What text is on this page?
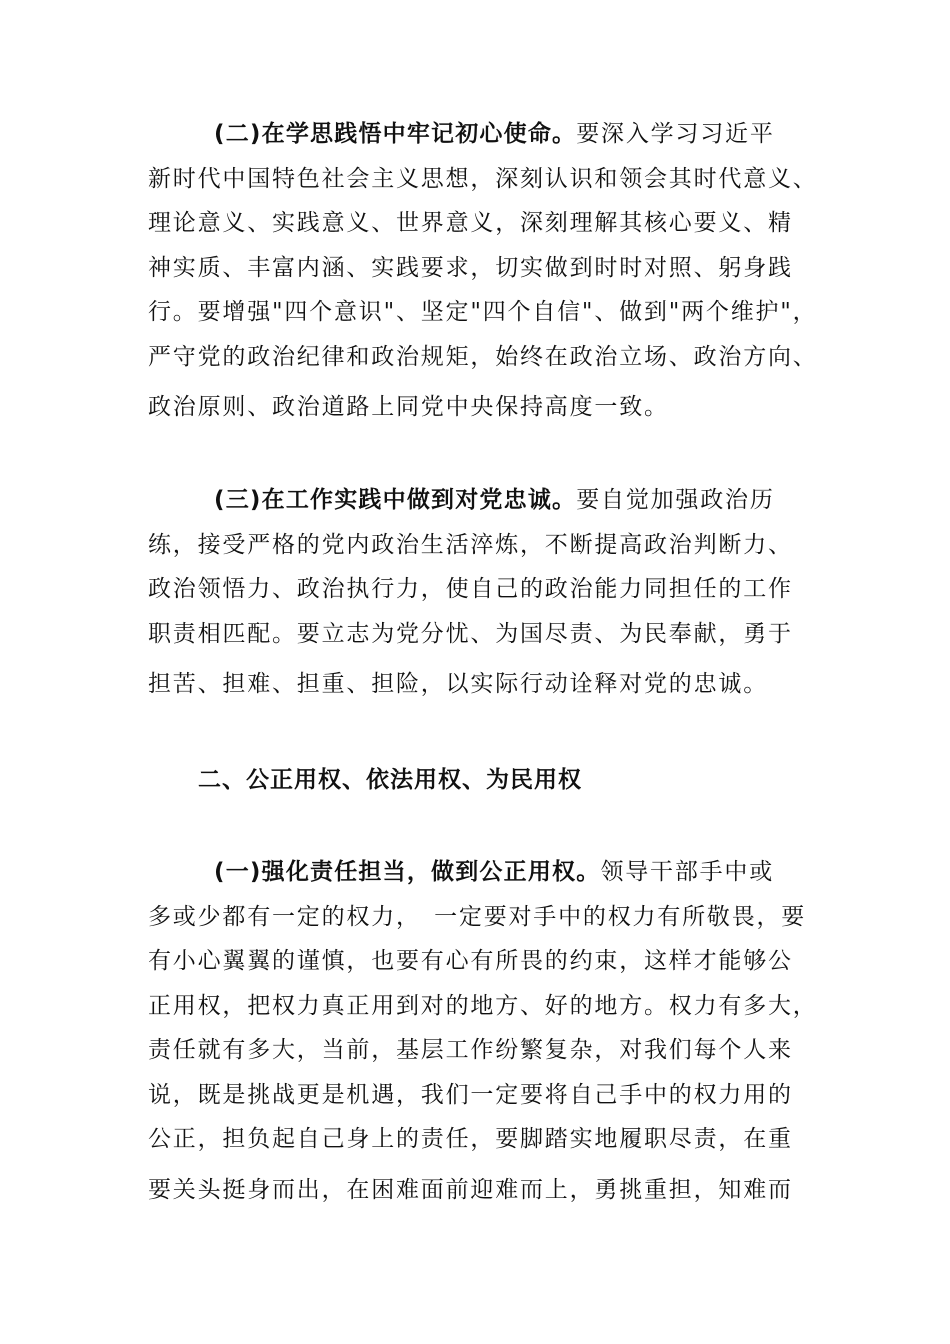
(二)在学思践悟中牢记初心使命。要深入学习习近平
新时代中国特色社会主义思想，深刻认识和领会其时代意义、
理论意义、实践意义、世界意义，深刻理解其核心要义、精
神实质、丰富内涵、实践要求，切实做到时时对照、躬身践
行。要增强"四个意识"、坚定"四个自信"、做到"两个维护"，
严守党的政治纪律和政治规矩，始终在政治立场、政治方向、
政治原则、政治道路上同党中央保持高度一致。
(三)在工作实践中做到对党忠诚。要自觉加强政治历
练，接受严格的党内政治生活淬炼，不断提高政治判断力、
政治领悟力、政治执行力，使自己的政治能力同担任的工作
职责相匹配。要立志为党分忧、为国尽责、为民奉献，勇于
担苦、担难、担重、担险，以实际行动诠释对党的忠诚。
二、公正用权、依法用权、为民用权
(一)强化责任担当，做到公正用权。领导干部手中或
多或少都有一定的权力，　一定要对手中的权力有所敬畏，要
有小心翼翼的谨慎，也要有心有所畏的约束，这样才能够公
正用权，把权力真正用到对的地方、好的地方。权力有多大，
责任就有多大，当前，基层工作纷繁复杂，对我们每个人来
说，既是挑战更是机遇，我们一定要将自己手中的权力用的
公正，担负起自己身上的责任，要脚踏实地履职尽责，在重
要关头挺身而出，在困难面前迎难而上，勇挑重担，知难而
